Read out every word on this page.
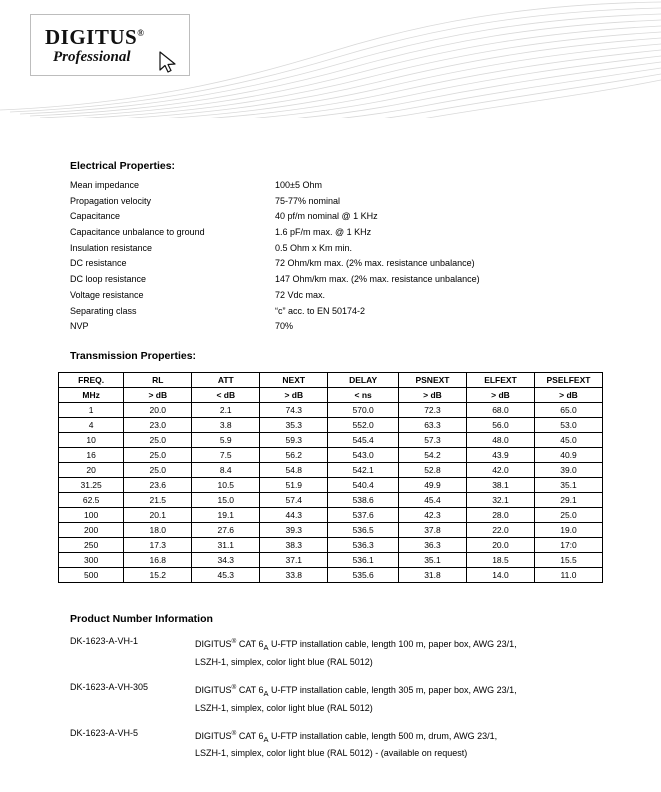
DIGITUS®
Professional
Electrical Properties:
Mean impedance	100±5 Ohm
Propagation velocity	75-77% nominal
Capacitance	40 pf/m nominal @ 1 KHz
Capacitance unbalance to ground	1.6 pF/m max. @ 1 KHz
Insulation resistance	0.5 Ohm x Km min.
DC resistance	72 Ohm/km max. (2% max. resistance unbalance)
DC loop resistance	147 Ohm/km max. (2% max. resistance unbalance)
Voltage resistance	72 Vdc max.
Separating class	“c” acc. to EN 50174-2
NVP	70%
Transmission Properties:
FREQ.	RL	ATT	NEXT	DELAY	PSNEXT	ELFEXT	PSELFEXT
MHz	> dB	< dB	> dB	< ns	> dB	> dB	> dB
1	20.0	2.1	74.3	570.0	72.3	68.0	65.0
4	23.0	3.8	35.3	552.0	63.3	56.0	53.0
10	25.0	5.9	59.3	545.4	57.3	48.0	45.0
16	25.0	7.5	56.2	543.0	54.2	43.9	40.9
20	25.0	8.4	54.8	542.1	52.8	42.0	39.0
31.25	23.6	10.5	51.9	540.4	49.9	38.1	35.1
62.5	21.5	15.0	57.4	538.6	45.4	32.1	29.1
100	20.1	19.1	44.3	537.6	42.3	28.0	25.0
200	18.0	27.6	39.3	536.5	37.8	22.0	19.0
250	17.3	31.1	38.3	536.3	36.3	20.0	17:0
300	16.8	34.3	37.1	536.1	35.1	18.5	15.5
500	15.2	45.3	33.8	535.6	31.8	14.0	11.0
Product Number Information
DK-1623-A-VH-1	DIGITUS® CAT $6_A$ U-FTP installation cable, length 100 m, paper box, AWG 23/1,
LSZH-1, simplex, color light blue (RAL 5012)
DK-1623-A-VH-305	DIGITUS® CAT $6_A$ U-FTP installation cable, length 305 m, paper box, AWG 23/1,
LSZH-1, simplex, color light blue (RAL 5012)
DK-1623-A-VH-5	DIGITUS® CAT $6_A$ U-FTP installation cable, length 500 m, drum, AWG 23/1,
LSZH-1, simplex, color light blue (RAL 5012) - (available on request)
